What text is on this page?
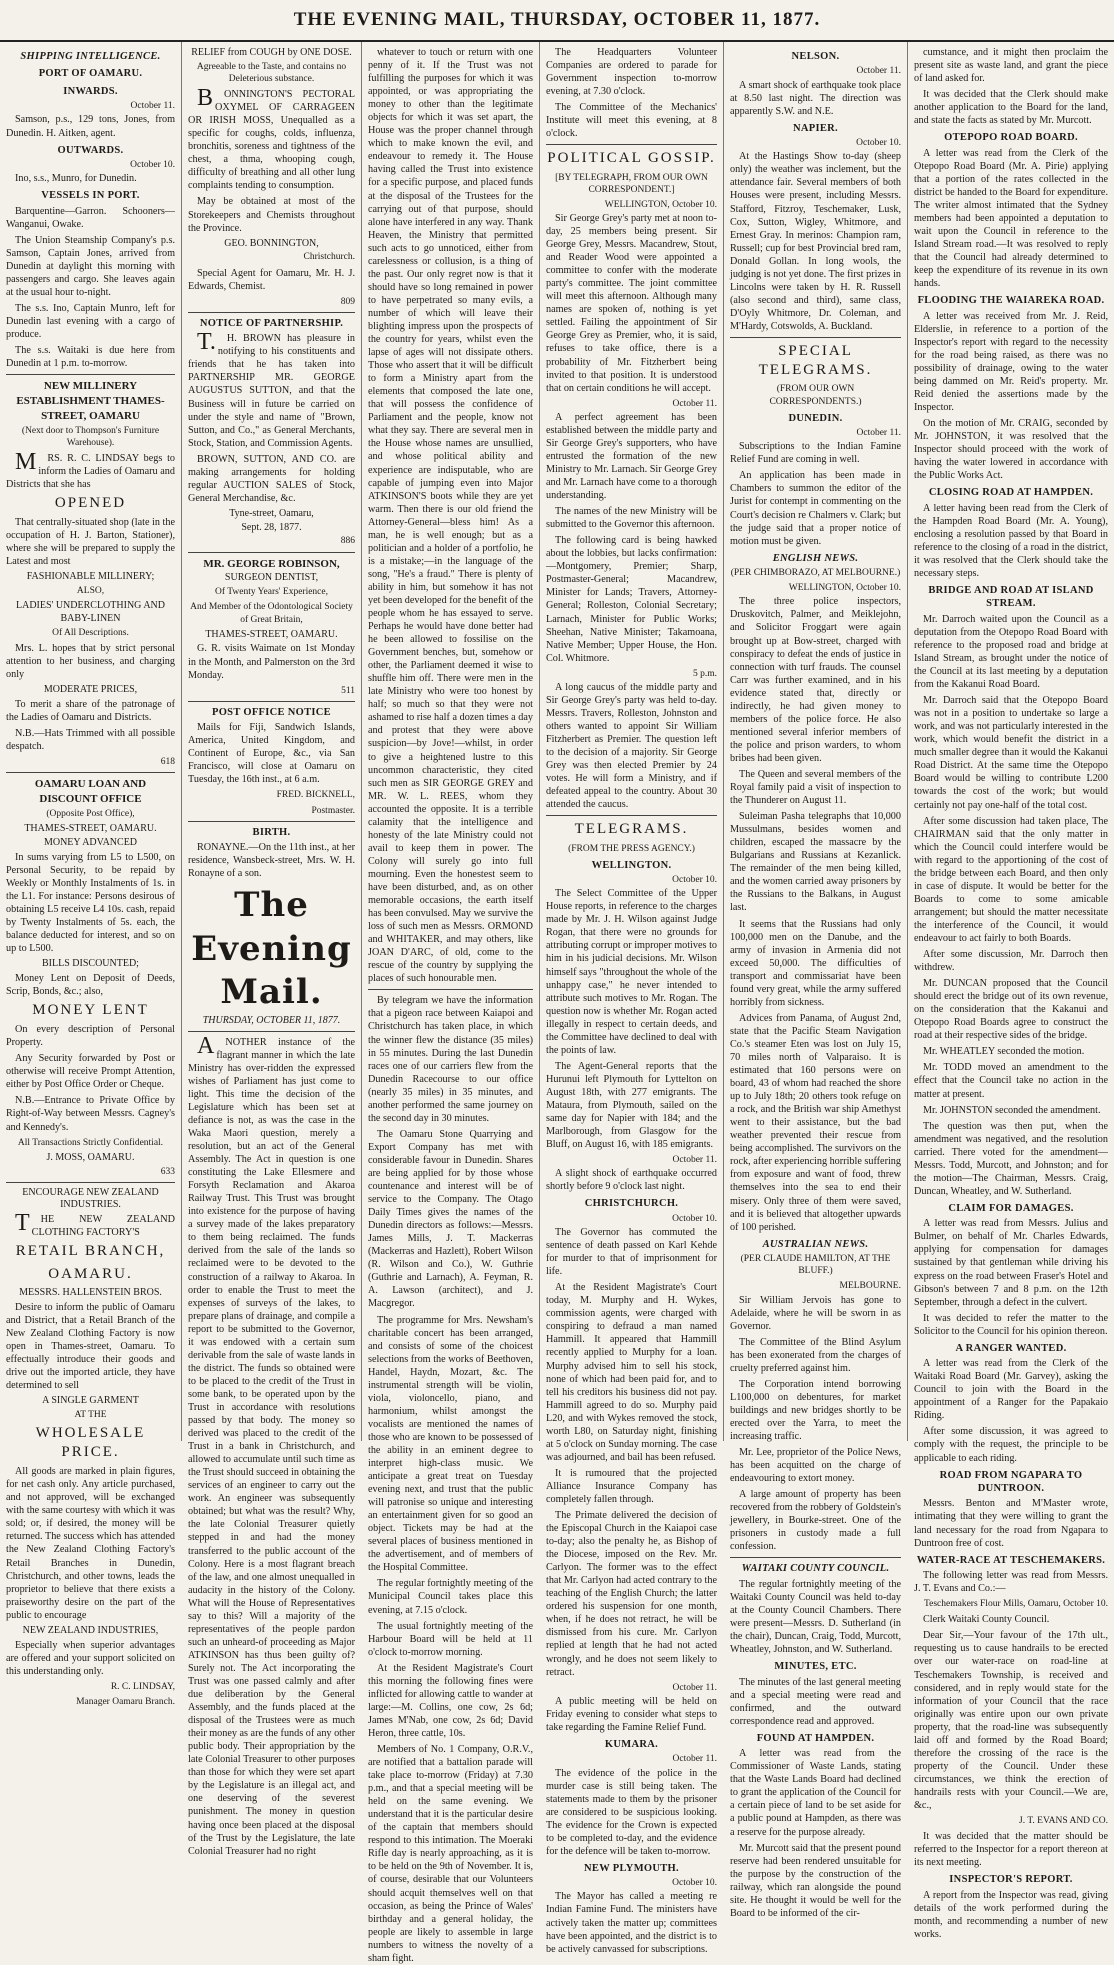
THE EVENING MAIL, THURSDAY, OCTOBER 11, 1877.
SHIPPING INTELLIGENCE.
PORT OF OAMARU.
INWARDS.
October 11.

Samson, p.s., 129 tons, Jones, from Dunedin. H. Aitken, agent.

OUTWARDS.
October 10.

Ino, s.s., Munro, for Dunedin.

VESSELS IN PORT.

Barquentine—Garron. Schooners—Wanganui, Owake.

The Union Steamship Company's p.s. Samson, Captain Jones, arrived from Dunedin at daylight this morning with passengers and cargo. She leaves again at the usual hour to-night.

The s.s. Ino, Captain Munro, left for Dunedin last evening with a cargo of produce.

The s.s. Waitaki is due here from Dunedin at 1 p.m. to-morrow.

NEW MILLINERY ESTABLISHMENT THAMES-STREET, OAMARU
(Next door to Thompson's Furniture Warehouse).

MRS. R. C. LINDSAY begs to inform the Ladies of Oamaru and Districts that she has

OPENED

That centrally-situated shop (late in the occupation of H. J. Barton, Stationer), where she will be prepared to supply the Latest and most

FASHIONABLE MILLINERY;
ALSO,
LADIES' UNDERCLOTHING AND BABY-LINEN
Of All Descriptions.

Mrs. L. hopes that by strict personal attention to her business, and charging only

MODERATE PRICES,

To merit a share of the patronage of the Ladies of Oamaru and Districts.

N.B.—Hats Trimmed with all possible despatch.

618
OAMARU LOAN AND DISCOUNT OFFICE
(Opposite Post Office),
THAMES-STREET, OAMARU.
MONEY ADVANCED

In sums varying from L5 to L500, on Personal Security, to be repaid by Weekly or Monthly Instalments of 1s. in the L1. For instance: Persons desirous of obtaining L5 receive L4 10s. cash, repaid by Twenty Instalments of 5s. each, the balance deducted for interest, and so on up to L500.

BILLS DISCOUNTED;

Money Lent on Deposit of Deeds, Scrip, Bonds, &c.; also,

MONEY LENT

On every description of Personal Property.

Any Security forwarded by Post or otherwise will receive Prompt Attention, either by Post Office Order or Cheque.

N.B.—Entrance to Private Office by Right-of-Way between Messrs. Cagney's and Kennedy's.

All Transactions Strictly Confidential.
J. MOSS, OAMARU.
633
ENCOURAGE NEW ZEALAND INDUSTRIES.

THE NEW ZEALAND CLOTHING FACTORY'S

RETAIL BRANCH,
OAMARU.
MESSRS. HALLENSTEIN BROS.

Desire to inform the public of Oamaru and District, that a Retail Branch of the New Zealand Clothing Factory is now open in Thames-street, Oamaru. To effectually introduce their goods and drive out the imported article, they have determined to sell

A SINGLE GARMENT
AT THE
WHOLESALE PRICE.

All goods are marked in plain figures, for net cash only. Any article purchased, and not approved, will be exchanged with the same courtesy with which it was sold; or, if desired, the money will be returned. The success which has attended the New Zealand Clothing Factory's Retail Branches in Dunedin, Christchurch, and other towns, leads the proprietor to believe that there exists a praiseworthy desire on the part of the public to encourage

NEW ZEALAND INDUSTRIES,

Especially when superior advantages are offered and your support solicited on this understanding only.

R. C. LINDSAY,
Manager Oamaru Branch.
RELIEF from COUGH by ONE DOSE.
Agreeable to the Taste, and contains no Deleterious substance.

BONNINGTON'S PECTORAL OXYMEL OF CARRAGEEN OR IRISH MOSS, Unequalled as a specific for coughs, colds, influenza, bronchitis, soreness and tightness of the chest, a thma, whooping cough, difficulty of breathing and all other lung complaints tending to consumption.

May be obtained at most of the Storekeepers and Chemists throughout the Province.

GEO. BONNINGTON,
Christchurch.

Special Agent for Oamaru, Mr. H. J. Edwards, Chemist.

809
NOTICE OF PARTNERSHIP.

T.H. BROWN has pleasure in notifying to his constituents and friends that he has taken into PARTNERSHIP MR. GEORGE AUGUSTUS SUTTON, and that the Business will in future be carried on under the style and name of "Brown, Sutton, and Co.," as General Merchants, Stock, Station, and Commission Agents.

BROWN, SUTTON, AND CO. are making arrangements for holding regular AUCTION SALES of Stock, General Merchandise, &c.

Tyne-street, Oamaru,
Sept. 28, 1877.
886
MR. GEORGE ROBINSON,
SURGEON DENTIST,
Of Twenty Years' Experience,
And Member of the Odontological Society of Great Britain,
THAMES-STREET, OAMARU.

G. R. visits Waimate on 1st Monday in the Month, and Palmerston on the 3rd Monday.

511
POST OFFICE NOTICE

Mails for Fiji, Sandwich Islands, America, United Kingdom, and Continent of Europe, &c., via San Francisco, will close at Oamaru on Tuesday, the 16th inst., at 6 a.m.

FRED. BICKNELL,
Postmaster.
BIRTH.

RONAYNE.—On the 11th inst., at her residence, Wansbeck-street, Mrs. W. H. Ronayne of a son.

The Evening Mail.
THURSDAY, OCTOBER 11, 1877.

ANOTHER instance of the flagrant manner in which the late Ministry has over-ridden the expressed wishes of Parliament has just come to light. This time the decision of the Legislature which has been set at defiance is not, as was the case in the Waka Maori question, merely a resolution, but an act of the General Assembly. The Act in question is one constituting the Lake Ellesmere and Forsyth Reclamation and Akaroa Railway Trust. This Trust was brought into existence for the purpose of having a survey made of the lakes preparatory to them being reclaimed. The funds derived from the sale of the lands so reclaimed were to be devoted to the construction of a railway to Akaroa. In order to enable the Trust to meet the expenses of surveys of the lakes, to prepare plans of drainage, and compile a report to be submitted to the Governor, it was endowed with a certain sum derivable from the sale of waste lands in the district. The funds so obtained were to be placed to the credit of the Trust in some bank, to be operated upon by the Trust in accordance with resolutions passed by that body. The money so derived was placed to the credit of the Trust in a bank in Christchurch, and allowed to accumulate until such time as the Trust should succeed in obtaining the services of an engineer to carry out the work. An engineer was subsequently obtained; but what was the result? Why, the late Colonial Treasurer quietly stepped in and had the money transferred to the public account of the Colony. Here is a most flagrant breach of the law, and one almost unequalled in audacity in the history of the Colony. What will the House of Representatives say to this? Will a majority of the representatives of the people pardon such an unheard-of proceeding as Major ATKINSON has thus been guilty of? Surely not. The Act incorporating the Trust was one passed calmly and after due deliberation by the General Assembly, and the funds placed at the disposal of the Trustees were as much their money as are the funds of any other public body. Their appropriation by the late Colonial Treasurer to other purposes than those for which they were set apart by the Legislature is an illegal act, and one deserving of the severest punishment. The money in question having once been placed at the disposal of the Trust by the Legislature, the late Colonial Treasurer had no right

whatever to touch or return with one penny of it. If the Trust was not fulfilling the purposes for which it was appointed, or was appropriating the money to other than the legitimate objects for which it was set apart, the House was the proper channel through which to make known the evil, and endeavour to remedy it. The House having called the Trust into existence for a specific purpose, and placed funds at the disposal of the Trustees for the carrying out of that purpose, should alone have interfered in any way. Thank Heaven, the Ministry that permitted such acts to go unnoticed, either from carelessness or collusion, is a thing of the past. Our only regret now is that it should have so long remained in power to have perpetrated so many evils, a number of which will leave their blighting impress upon the prospects of the country for years, whilst even the lapse of ages will not dissipate others. Those who assert that it will be difficult to form a Ministry apart from the elements that composed the late one, that will possess the confidence of Parliament and the people, know not what they say. There are several men in the House whose names are unsullied, and whose political ability and experience are indisputable, who are capable of jumping even into Major ATKINSON'S boots while they are yet warm. Then there is our old friend the Attorney-General—bless him! As a man, he is well enough; but as a politician and a holder of a portfolio, he is a mistake;—in the language of the song, "He's a fraud." There is plenty of ability in him, but somehow it has not yet been developed for the benefit of the people whom he has essayed to serve. Perhaps he would have done better had he been allowed to fossilise on the Government benches, but, somehow or other, the Parliament deemed it wise to shuffle him off. There were men in the late Ministry who were too honest by half; so much so that they were not ashamed to rise half a dozen times a day and protest that they were above suspicion—by Jove!—whilst, in order to give a heightened lustre to this uncommon characteristic, they cited such men as SIR GEORGE GREY and MR. W. L. REES, whom they accounted the opposite. It is a terrible calamity that the intelligence and honesty of the late Ministry could not avail to keep them in power. The Colony will surely go into full mourning. Even the honestest seem to have been disturbed, and, as on other memorable occasions, the earth itself has been convulsed. May we survive the loss of such men as Messrs. ORMOND and WHITAKER, and may others, like JOAN D'ARC, of old, come to the rescue of the country by supplying the places of such honourable men.

By telegram we have the information that a pigeon race between Kaiapoi and Christchurch has taken place, in which the winner flew the distance (35 miles) in 55 minutes. During the last Dunedin races one of our carriers flew from the Dunedin Racecourse to our office (nearly 35 miles) in 35 minutes, and another performed the same journey on the second day in 30 minutes.

The Oamaru Stone Quarrying and Export Company has met with considerable favour in Dunedin. Shares are being applied for by those whose countenance and interest will be of service to the Company. The Otago Daily Times gives the names of the Dunedin directors as follows:—Messrs. James Mills, J. T. Mackerras (Mackerras and Hazlett), Robert Wilson (R. Wilson and Co.), W. Guthrie (Guthrie and Larnach), A. Feyman, R. A. Lawson (architect), and J. Macgregor.

The programme for Mrs. Newsham's charitable concert has been arranged, and consists of some of the choicest selections from the works of Beethoven, Handel, Haydn, Mozart, &c. The instrumental strength will be violin, viola, violoncello, piano, and harmonium, whilst amongst the vocalists are mentioned the names of those who are known to be possessed of the ability in an eminent degree to interpret high-class music. We anticipate a great treat on Tuesday evening next, and trust that the public will patronise so unique and interesting an entertainment given for so good an object. Tickets may be had at the several places of business mentioned in the advertisement, and of members of the Hospital Committee.

The regular fortnightly meeting of the Municipal Council takes place this evening, at 7.15 o'clock.

The usual fortnightly meeting of the Harbour Board will be held at 11 o'clock to-morrow morning.

At the Resident Magistrate's Court this morning the following fines were inflicted for allowing cattle to wander at large:—M. Collins, one cow, 2s 6d; James M'Nab, one cow, 2s 6d; David Heron, three cattle, 10s.

Members of No. 1 Company, O.R.V., are notified that a battalion parade will take place to-morrow (Friday) at 7.30 p.m., and that a special meeting will be held on the same evening. We understand that it is the particular desire of the captain that members should respond to this intimation. The Moeraki Rifle day is nearly approaching, as it is to be held on the 9th of November. It is, of course, desirable that our Volunteers should acquit themselves well on that occasion, as being the Prince of Wales' birthday and a general holiday, the people are likely to assemble in large numbers to witness the novelty of a sham fight.

The Headquarters Volunteer Companies are ordered to parade for Government inspection to-morrow evening, at 7.30 o'clock.

The Committee of the Mechanics' Institute will meet this evening, at 8 o'clock.

POLITICAL GOSSIP.
[BY TELEGRAPH, FROM OUR OWN CORRESPONDENT.]
WELLINGTON, October 10.

Sir George Grey's party met at noon to-day, 25 members being present. Sir George Grey, Messrs. Macandrew, Stout, and Reader Wood were appointed a committee to confer with the moderate party's committee. The joint committee will meet this afternoon. Although many names are spoken of, nothing is yet settled. Failing the appointment of Sir George Grey as Premier, who, it is said, refuses to take office, there is a probability of Mr. Fitzherbert being invited to that position. It is understood that on certain conditions he will accept.

October 11.

A perfect agreement has been established between the middle party and Sir George Grey's supporters, who have entrusted the formation of the new Ministry to Mr. Larnach. Sir George Grey and Mr. Larnach have come to a thorough understanding.

The names of the new Ministry will be submitted to the Governor this afternoon.

The following card is being hawked about the lobbies, but lacks confirmation:—Montgomery, Premier; Sharp, Postmaster-General; Macandrew, Minister for Lands; Travers, Attorney-General; Rolleston, Colonial Secretary; Larnach, Minister for Public Works; Sheehan, Native Minister; Takamoana, Native Member; Upper House, the Hon. Col. Whitmore.

5 p.m.

A long caucus of the middle party and Sir George Grey's party was held to-day. Messrs. Travers, Rolleston, Johnston and others wanted to appoint Sir William Fitzherbert as Premier. The question left to the decision of a majority. Sir George Grey was then elected Premier by 24 votes. He will form a Ministry, and if defeated appeal to the country. About 30 attended the caucus.

TELEGRAMS.
(FROM THE PRESS AGENCY.)
WELLINGTON.
October 10.

The Select Committee of the Upper House reports, in reference to the charges made by Mr. J. H. Wilson against Judge Rogan, that there were no grounds for attributing corrupt or improper motives to him in his judicial decisions. Mr. Wilson himself says "throughout the whole of the unhappy case," he never intended to attribute such motives to Mr. Rogan. The question now is whether Mr. Rogan acted illegally in respect to certain deeds, and the Committee have declined to deal with the points of law.

The Agent-General reports that the Hurunui left Plymouth for Lyttelton on August 18th, with 277 emigrants. The Mataura, from Plymouth, sailed on the same day for Napier with 184; and the Marlborough, from Glasgow for the Bluff, on August 16, with 185 emigrants.

October 11.

A slight shock of earthquake occurred shortly before 9 o'clock last night.

CHRISTCHURCH.
October 10.

The Governor has commuted the sentence of death passed on Karl Kehde for murder to that of imprisonment for life.

At the Resident Magistrate's Court today, M. Murphy and H. Wykes, commission agents, were charged with conspiring to defraud a man named Hammill. It appeared that Hammill recently applied to Murphy for a loan. Murphy advised him to sell his stock, none of which had been paid for, and to tell his creditors his business did not pay. Hammill agreed to do so. Murphy paid L20, and with Wykes removed the stock, worth L80, on Saturday night, finishing at 5 o'clock on Sunday morning. The case was adjourned, and bail has been refused.

It is rumoured that the projected Alliance Insurance Company has completely fallen through.

The Primate delivered the decision of the Episcopal Church in the Kaiapoi case to-day; also the penalty he, as Bishop of the Diocese, imposed on the Rev. Mr. Carlyon. The former was to the effect that Mr. Carlyon had acted contrary to the teaching of the English Church; the latter ordered his suspension for one month, when, if he does not retract, he will be dismissed from his cure. Mr. Carlyon replied at length that he had not acted wrongly, and he does not seem likely to retract.

October 11.

A public meeting will be held on Friday evening to consider what steps to take regarding the Famine Relief Fund.

KUMARA.
October 11.

The evidence of the police in the murder case is still being taken. The statements made to them by the prisoner are considered to be suspicious looking. The evidence for the Crown is expected to be completed to-day, and the evidence for the defence will be taken to-morrow.

NEW PLYMOUTH.
October 10.

The Mayor has called a meeting re Indian Famine Fund. The ministers have actively taken the matter up; committees have been appointed, and the district is to be actively canvassed for subscriptions.

NELSON.
October 11.

A smart shock of earthquake took place at 8.50 last night. The direction was apparently S.W. and N.E.

NAPIER.
October 10.

At the Hastings Show to-day (sheep only) the weather was inclement, but the attendance fair. Several members of both Houses were present, including Messrs. Stafford, Fitzroy, Teschemaker, Lusk, Cox, Sutton, Wigley, Whitmore, and Ernest Gray. In merinos: Champion ram, Russell; cup for best Provincial bred ram, Donald Gollan. In long wools, the judging is not yet done. The first prizes in Lincolns were taken by H. R. Russell (also second and third), same class, D'Oyly Whitmore, Dr. Coleman, and M'Hardy, Cotswolds, A. Buckland.

SPECIAL TELEGRAMS.
(FROM OUR OWN CORRESPONDENTS.)
DUNEDIN.
October 11.

Subscriptions to the Indian Famine Relief Fund are coming in well.

An application has been made in Chambers to summon the editor of the Jurist for contempt in commenting on the Court's decision re Chalmers v. Clark; but the judge said that a proper notice of motion must be given.

ENGLISH NEWS.
(PER CHIMBORAZO, AT MELBOURNE.)
WELLINGTON, October 10.

The three police inspectors, Druskovitch, Palmer, and Meiklejohn, and Solicitor Froggart were again brought up at Bow-street, charged with conspiracy to defeat the ends of justice in connection with turf frauds. The counsel Carr was further examined, and in his evidence stated that, directly or indirectly, he had given money to members of the police force. He also mentioned several inferior members of the police and prison warders, to whom bribes had been given.

The Queen and several members of the Royal family paid a visit of inspection to the Thunderer on August 11.

Suleiman Pasha telegraphs that 10,000 Mussulmans, besides women and children, escaped the massacre by the Bulgarians and Russians at Kezanlick. The remainder of the men being killed, and the women carried away prisoners by the Russians to the Balkans, in August last.

It seems that the Russians had only 100,000 men on the Danube, and the army of invasion in Armenia did not exceed 50,000. The difficulties of transport and commissariat have been found very great, while the army suffered horribly from sickness.

Advices from Panama, of August 2nd, state that the Pacific Steam Navigation Co.'s steamer Eten was lost on July 15, 70 miles north of Valparaiso. It is estimated that 160 persons were on board, 43 of whom had reached the shore up to July 18th; 20 others took refuge on a rock, and the British war ship Amethyst went to their assistance, but the bad weather prevented their rescue from being accomplished. The survivors on the rock, after experiencing horrible suffering from exposure and want of food, threw themselves into the sea to end their misery. Only three of them were saved, and it is believed that altogether upwards of 100 perished.

AUSTRALIAN NEWS.
(PER CLAUDE HAMILTON, AT THE BLUFF.)
MELBOURNE.

Sir William Jervois has gone to Adelaide, where he will be sworn in as Governor.

The Committee of the Blind Asylum has been exonerated from the charges of cruelty preferred against him.

The Corporation intend borrowing L100,000 on debentures, for market buildings and new bridges shortly to be erected over the Yarra, to meet the increasing traffic.

Mr. Lee, proprietor of the Police News, has been acquitted on the charge of endeavouring to extort money.

A large amount of property has been recovered from the robbery of Goldstein's jewellery, in Bourke-street. One of the prisoners in custody made a full confession.

WAITAKI COUNTY COUNCIL.

The regular fortnightly meeting of the Waitaki County Council was held to-day at the County Council Chambers. There were present—Messrs. D. Sutherland (in the chair), Duncan, Craig, Todd, Murcott, Wheatley, Johnston, and W. Sutherland.

MINUTES, ETC.

The minutes of the last general meeting and a special meeting were read and confirmed, and the outward correspondence read and approved.

FOUND AT HAMPDEN.

A letter was read from the Commissioner of Waste Lands, stating that the Waste Lands Board had declined to grant the application of the Council for a certain piece of land to be set aside for a public pound at Hampden, as there was a reserve for the purpose already.

Mr. Murcott said that the present pound reserve had been rendered unsuitable for the purpose by the construction of the railway, which ran alongside the pound site. He thought it would be well for the Board to be informed of the cir-

cumstance, and it might then proclaim the present site as waste land, and grant the piece of land asked for.

It was decided that the Clerk should make another application to the Board for the land, and state the facts as stated by Mr. Murcott.

OTEPOPO ROAD BOARD.

A letter was read from the Clerk of the Otepopo Road Board (Mr. A. Pirie) applying that a portion of the rates collected in the district be handed to the Board for expenditure. The writer almost intimated that the Sydney members had been appointed a deputation to wait upon the Council in reference to the Island Stream road.—It was resolved to reply that the Council had already determined to keep the expenditure of its revenue in its own hands.

FLOODING THE WAIAREKA ROAD.

A letter was received from Mr. J. Reid, Elderslie, in reference to a portion of the Inspector's report with regard to the necessity for the road being raised, as there was no possibility of drainage, owing to the water being dammed on Mr. Reid's property. Mr. Reid denied the assertions made by the Inspector.

On the motion of Mr. CRAIG, seconded by Mr. JOHNSTON, it was resolved that the Inspector should proceed with the work of having the water lowered in accordance with the Public Works Act.

CLOSING ROAD AT HAMPDEN.

A letter having been read from the Clerk of the Hampden Road Board (Mr. A. Young), enclosing a resolution passed by that Board in reference to the closing of a road in the district, it was resolved that the Clerk should take the necessary steps.

BRIDGE AND ROAD AT ISLAND STREAM.

Mr. Darroch waited upon the Council as a deputation from the Otepopo Road Board with reference to the proposed road and bridge at Island Stream, as brought under the notice of the Council at its last meeting by a deputation from the Kakanui Road Board.

Mr. Darroch said that the Otepopo Board was not in a position to undertake so large a work, and was not particularly interested in the work, which would benefit the district in a much smaller degree than it would the Kakanui Road District. At the same time the Otepopo Board would be willing to contribute L200 towards the cost of the work; but would certainly not pay one-half of the total cost.

After some discussion had taken place, The CHAIRMAN said that the only matter in which the Council could interfere would be with regard to the apportioning of the cost of the bridge between each Board, and then only in case of dispute. It would be better for the Boards to come to some amicable arrangement; but should the matter necessitate the interference of the Council, it would endeavour to act fairly to both Boards.

After some discussion, Mr. Darroch then withdrew.

Mr. DUNCAN proposed that the Council should erect the bridge out of its own revenue, on the consideration that the Kakanui and Otepopo Road Boards agree to construct the road at their respective sides of the bridge.

Mr. WHEATLEY seconded the motion.

Mr. TODD moved an amendment to the effect that the Council take no action in the matter at present.

Mr. JOHNSTON seconded the amendment.

The question was then put, when the amendment was negatived, and the resolution carried. There voted for the amendment—Messrs. Todd, Murcott, and Johnston; and for the motion—The Chairman, Messrs. Craig, Duncan, Wheatley, and W. Sutherland.

CLAIM FOR DAMAGES.

A letter was read from Messrs. Julius and Bulmer, on behalf of Mr. Charles Edwards, applying for compensation for damages sustained by that gentleman while driving his express on the road between Fraser's Hotel and Gibson's between 7 and 8 p.m. on the 12th September, through a defect in the culvert.

It was decided to refer the matter to the Solicitor to the Council for his opinion thereon.

A RANGER WANTED.

A letter was read from the Clerk of the Waitaki Road Board (Mr. Garvey), asking the Council to join with the Board in the appointment of a Ranger for the Papakaio Riding.

After some discussion, it was agreed to comply with the request, the principle to be applicable to each riding.

ROAD FROM NGAPARA TO DUNTROON.

Messrs. Benton and M'Master wrote, intimating that they were willing to grant the land necessary for the road from Ngapara to Duntroon free of cost.

WATER-RACE AT TESCHEMAKERS.

The following letter was read from Messrs. J. T. Evans and Co.:—

Teschemakers Flour Mills, Oamaru, October 10.

Clerk Waitaki County Council.

Dear Sir,—Your favour of the 17th ult., requesting us to cause handrails to be erected over our water-race on road-line at Teschemakers Township, is received and considered, and in reply would state for the information of your Council that the race originally was entire upon our own private property, that the road-line was subsequently laid off and formed by the Road Board; therefore the crossing of the race is the property of the Council. Under these circumstances, we think the erection of handrails rests with your Council.—We are, &c.,

J. T. EVANS AND CO.

It was decided that the matter should be referred to the Inspector for a report thereon at its next meeting.

INSPECTOR'S REPORT.

A report from the Inspector was read, giving details of the work performed during the month, and recommending a number of new works.
